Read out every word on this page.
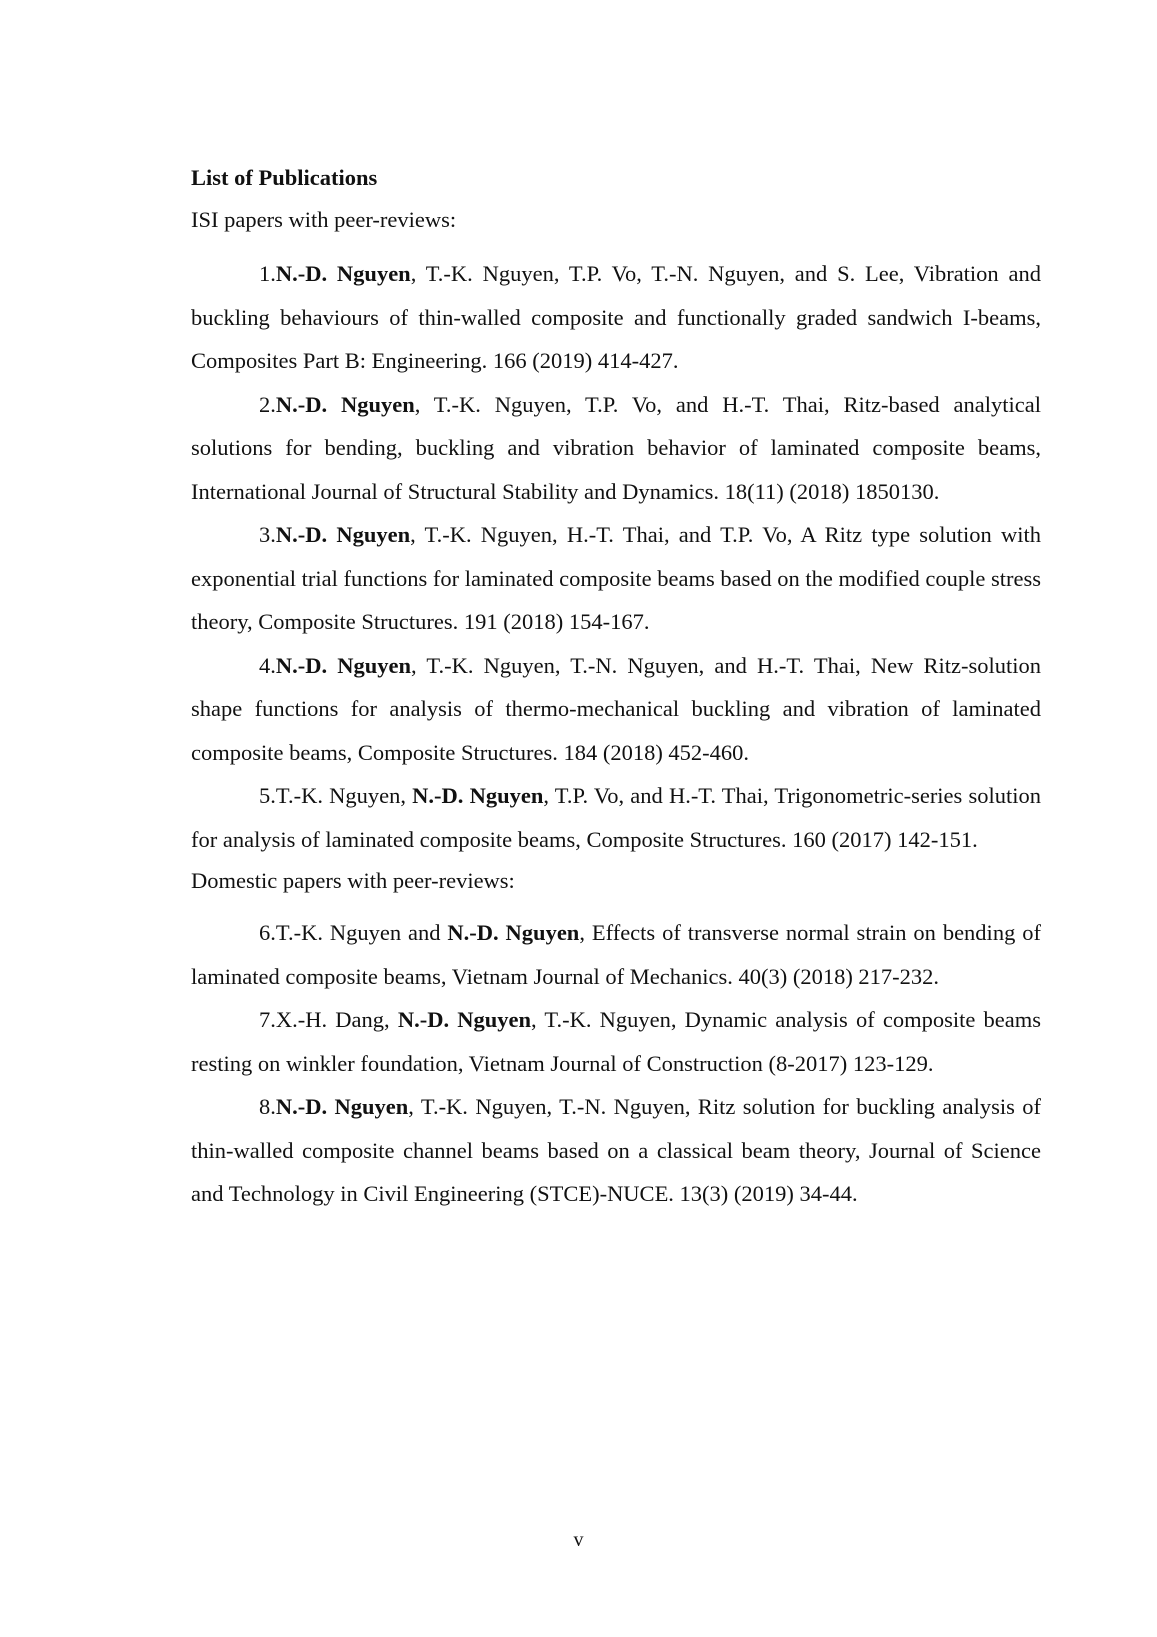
List of Publications

ISI papers with peer-reviews:

1.N.-D. Nguyen, T.-K. Nguyen, T.P. Vo, T.-N. Nguyen, and S. Lee, Vibration and buckling behaviours of thin-walled composite and functionally graded sandwich I-beams, Composites Part B: Engineering. 166 (2019) 414-427.

2.N.-D. Nguyen, T.-K. Nguyen, T.P. Vo, and H.-T. Thai, Ritz-based analytical solutions for bending, buckling and vibration behavior of laminated composite beams, International Journal of Structural Stability and Dynamics. 18(11) (2018) 1850130.

3.N.-D. Nguyen, T.-K. Nguyen, H.-T. Thai, and T.P. Vo, A Ritz type solution with exponential trial functions for laminated composite beams based on the modified couple stress theory, Composite Structures. 191 (2018) 154-167.

4.N.-D. Nguyen, T.-K. Nguyen, T.-N. Nguyen, and H.-T. Thai, New Ritz-solution shape functions for analysis of thermo-mechanical buckling and vibration of laminated composite beams, Composite Structures. 184 (2018) 452-460.

5.T.-K. Nguyen, N.-D. Nguyen, T.P. Vo, and H.-T. Thai, Trigonometric-series solution for analysis of laminated composite beams, Composite Structures. 160 (2017) 142-151.

Domestic papers with peer-reviews:

6.T.-K. Nguyen and N.-D. Nguyen, Effects of transverse normal strain on bending of laminated composite beams, Vietnam Journal of Mechanics. 40(3) (2018) 217-232.

7.X.-H. Dang, N.-D. Nguyen, T.-K. Nguyen, Dynamic analysis of composite beams resting on winkler foundation, Vietnam Journal of Construction (8-2017) 123-129.

8.N.-D. Nguyen, T.-K. Nguyen, T.-N. Nguyen, Ritz solution for buckling analysis of thin-walled composite channel beams based on a classical beam theory, Journal of Science and Technology in Civil Engineering (STCE)-NUCE. 13(3) (2019) 34-44.

v
